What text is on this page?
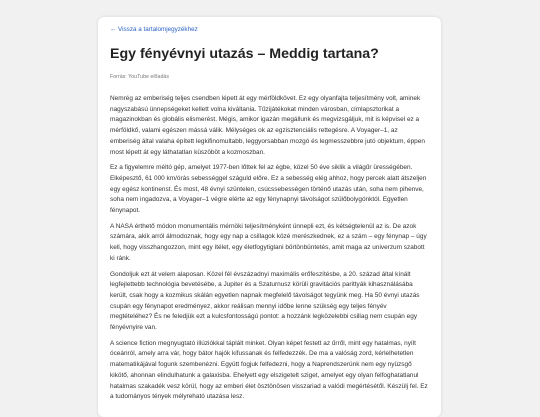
← Vissza a tartalomjegyzékhez
Egy fényévnyi utazás – Meddig tartana?
Forrás: YouTube előadás

Nemrég az emberiség teljes csendben lépett át egy mérföldkövet. Ez egy olyanfajta teljesítmény volt, aminek nagyszabású ünnepségeket kellett volna kiváltania. Tűzijátékokat minden városban, címlapsztorikat a magazinokban és globális elismerést. Mégis, amikor igazán megállunk és megvizsgáljuk, mit is képvisel ez a mérföldkő, valami egészen mássá válik. Mélységes ok az egzisztenciális rettegésre. A Voyager–1, az emberiség által valaha épített legkifinomultabb, leggyorsabban mozgó és legmesszebbre jutó objektum, éppen most lépett át egy láthatatlan küszöböt a kozmoszban.

Ez a figyelemre méltó gép, amelyet 1977-ben lőttek fel az égbe, közel 50 éve siklik a világűr ürességében. Elképesztő, 61 000 km/órás sebességgel száguld előre. Ez a sebesség elég ahhoz, hogy percek alatt átszeljen egy egész kontinenst. És most, 48 évnyi szüntelen, csúcssebességen történő utazás után, soha nem pihenve, soha nem ingadozva, a Voyager–1 végre elérte az egy fénynapnyi távolságot szülőbolygónktól. Egyetlen fénynapot.

A NASA érthető módon monumentális mérnöki teljesítményként ünnepli ezt, és kétségtelenül az is. De azok számára, akik arról álmodoznak, hogy egy nap a csillagok közé merészkednek, ez a szám – egy fénynap – úgy kell, hogy visszhangozzon, mint egy ítélet, egy életfogytiglani börtönbüntetés, amit maga az univerzum szabott ki ránk.

Gondoljuk ezt át velem alaposan. Közel fél évszázadnyi maximális erőfeszítésbe, a 20. század által kínált legfejlettebb technológia bevetésébe, a Jupiter és a Szaturnusz körüli gravitációs parittyák kihasználásába került, csak hogy a kozmikus skálán egyetlen napnak megfelelő távolságot tegyünk meg. Ha 50 évnyi utazás csupán egy fénynapot eredményez, akkor reálisan mennyi időbe lenne szükség egy teljes fényév megtételéhez? És ne feledjük ezt a kulcsfontosságú pontot: a hozzánk legközelebbi csillag nem csupán egy fényévnyire van.

A science fiction megnyugtató illúziókkal táplált minket. Olyan képet festett az űrről, mint egy hatalmas, nyílt óceánról, amely arra vár, hogy bátor hajók kifussanak és felfedezzék. De ma a valóság zord, kérlelhetetlen matematikájával fogunk szembenézni. Együtt fogjuk felfedezni, hogy a Naprendszerünk nem egy nyüzsgő kikötő, ahonnan elindulhatunk a galaxisba. Ehelyett egy elszigetelt sziget, amelyet egy olyan felfoghatatlanul hatalmas szakadék vesz körül, hogy az emberi élet ösztönösen visszariad a valódi megértésétől. Készülj fel. Ez a tudományos tények mélyreható utazása lesz.
